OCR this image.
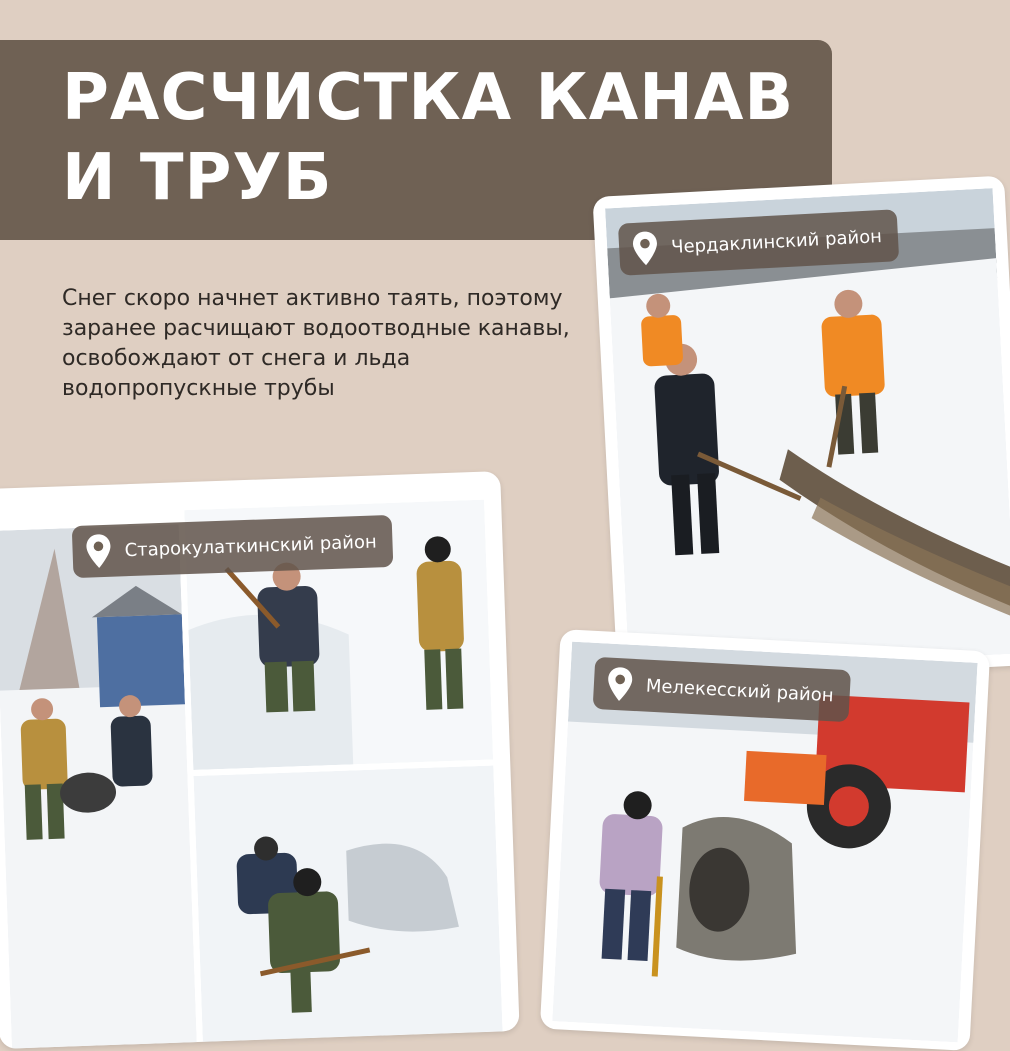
РАСЧИСТКА КАНАВ И ТРУБ
Снег скоро начнет активно таять, поэтому заранее расчищают водоотводные канавы, освобождают от снега и льда водопропускные трубы
Чердаклинский район
Старокулаткинский район
Мелекесский район
